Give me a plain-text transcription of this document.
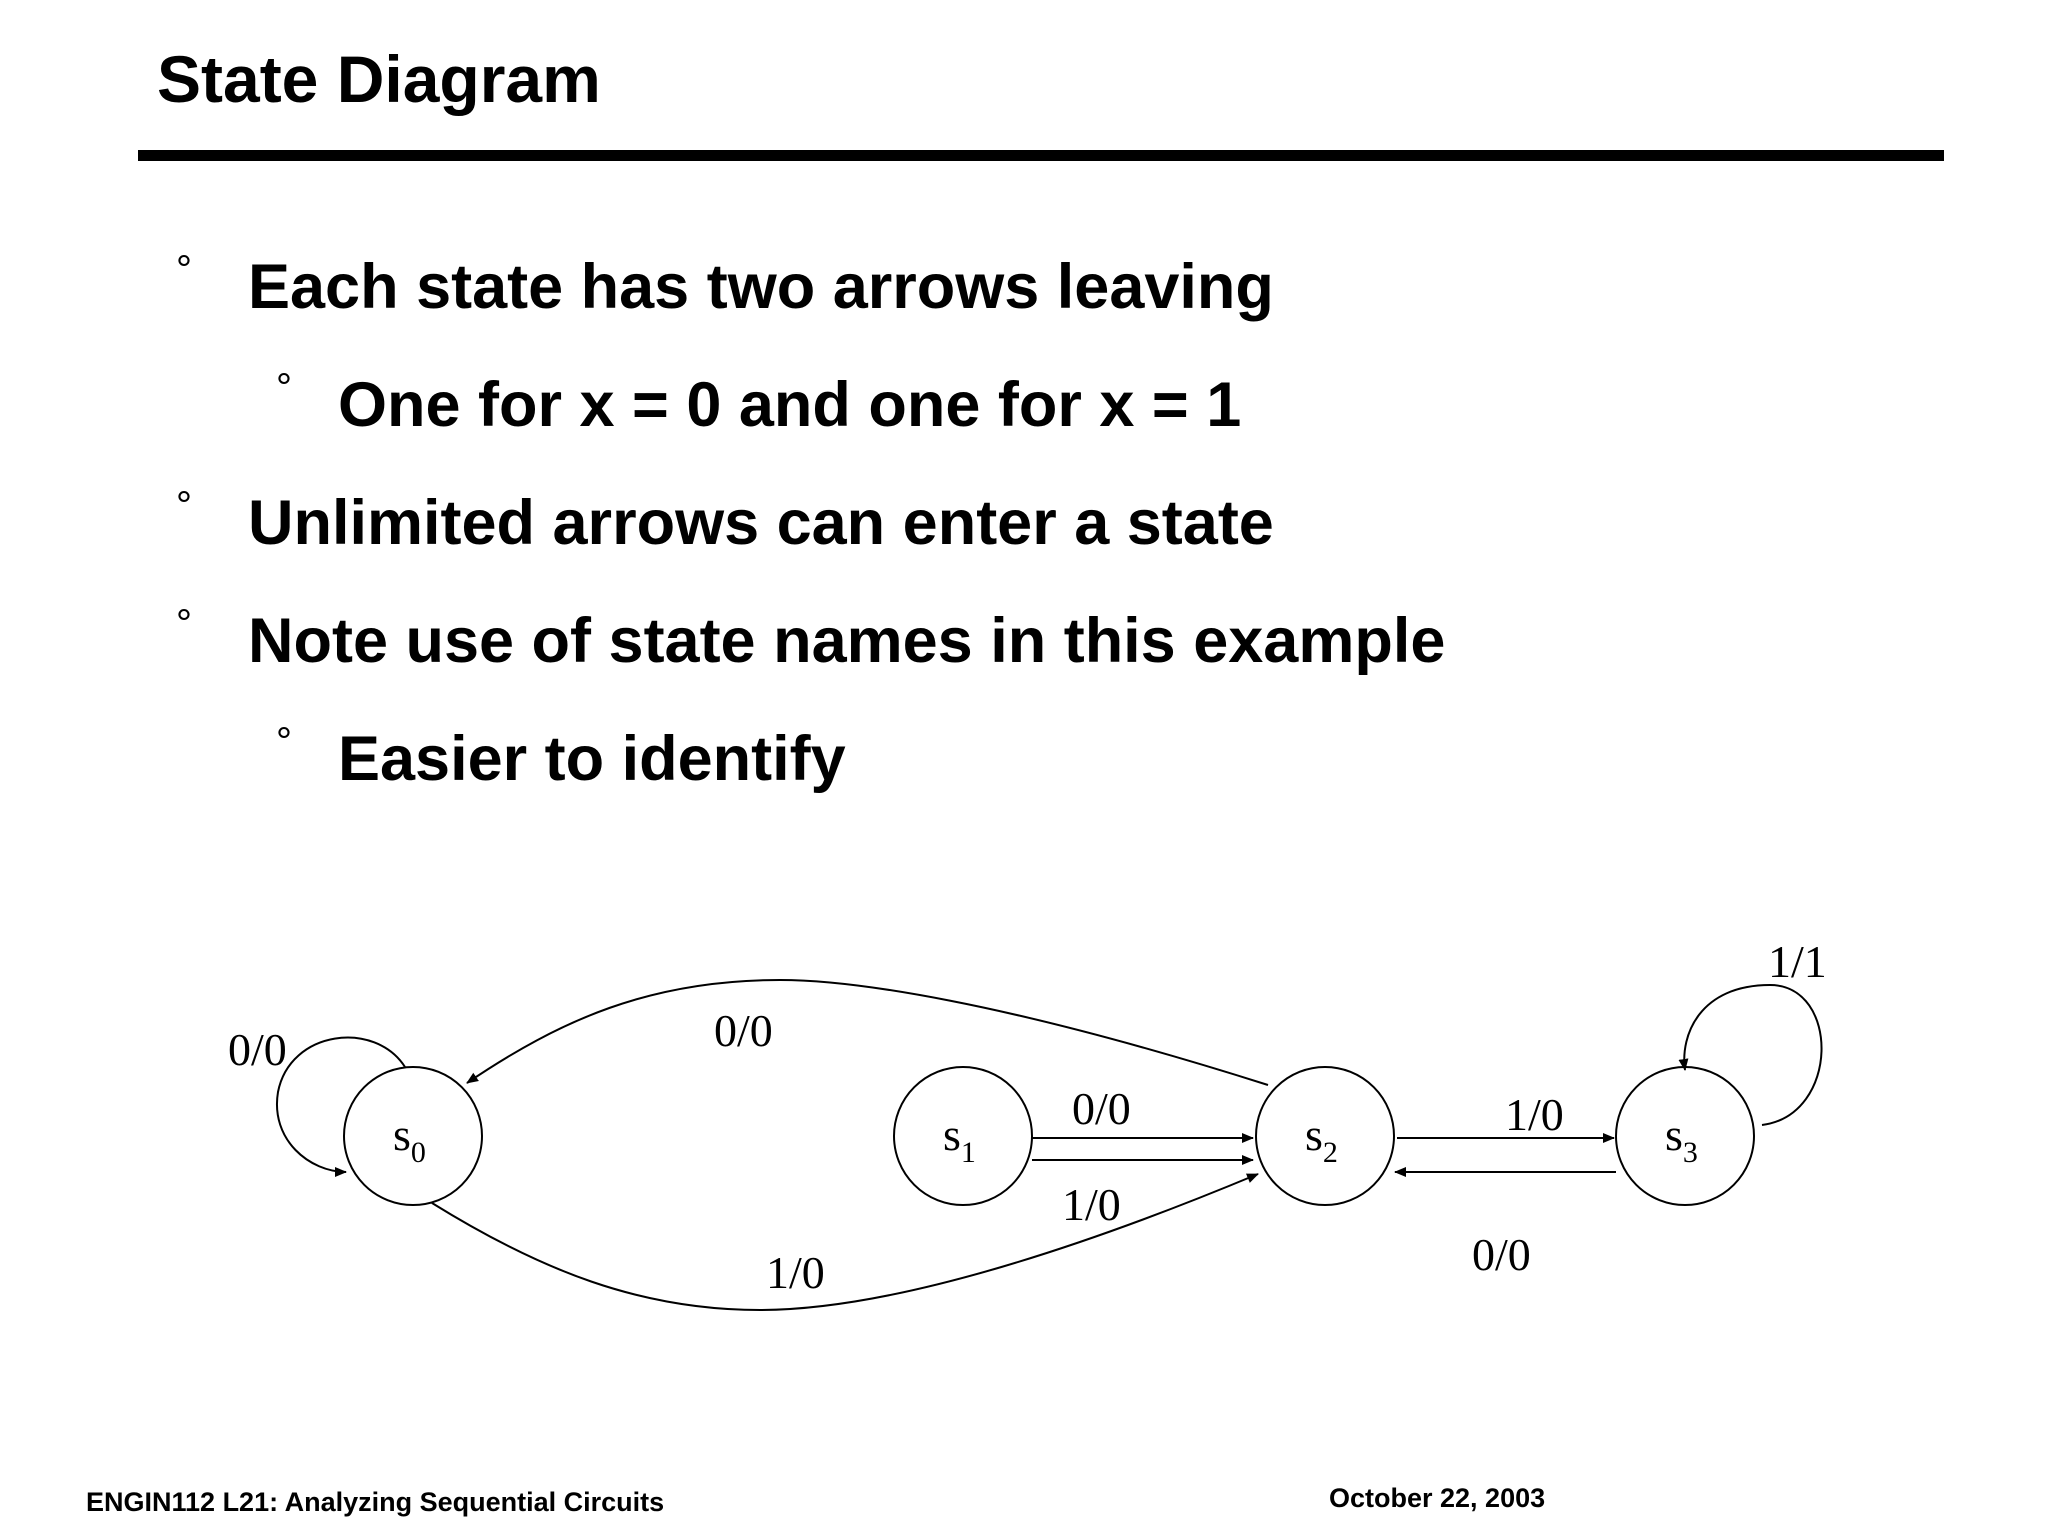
State Diagram
° Each state has two arrows leaving
° One for x = 0 and one for x = 1
° Unlimited arrows can enter a state
° Note use of state names in this example
° Easier to identify
$s_0$	$s_1$	$s_2$	$s_3$
0/0	0/0
0/0
1/0
1/0
1/0
0/0
1/1
ENGIN112 L21: Analyzing Sequential Circuits	October 22, 2003
